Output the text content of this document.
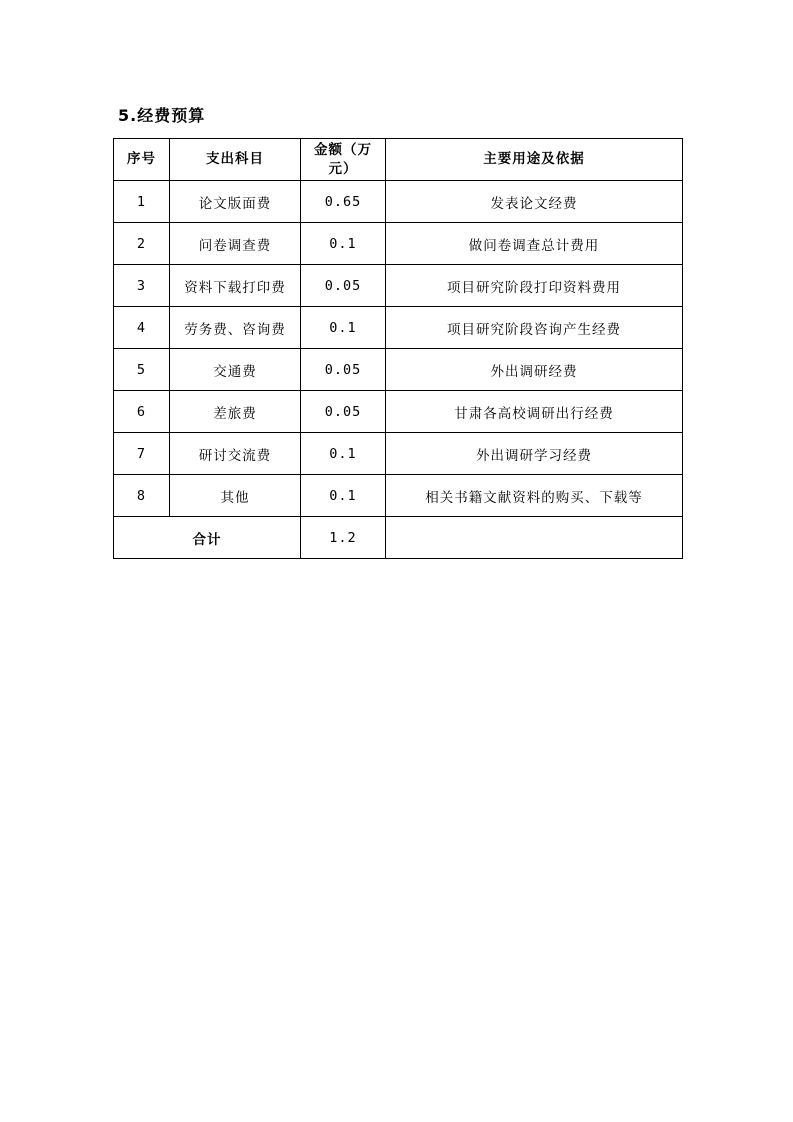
5.经费预算
序号	支出科目	金额（万元）	主要用途及依据
1	论文版面费	0.65	发表论文经费
2	问卷调查费	0.1	做问卷调查总计费用
3	资料下载打印费	0.05	项目研究阶段打印资料费用
4	劳务费、咨询费	0.1	项目研究阶段咨询产生经费
5	交通费	0.05	外出调研经费
6	差旅费	0.05	甘肃各高校调研出行经费
7	研讨交流费	0.1	外出调研学习经费
8	其他	0.1	相关书籍文献资料的购买、下载等
合计		1.2	
